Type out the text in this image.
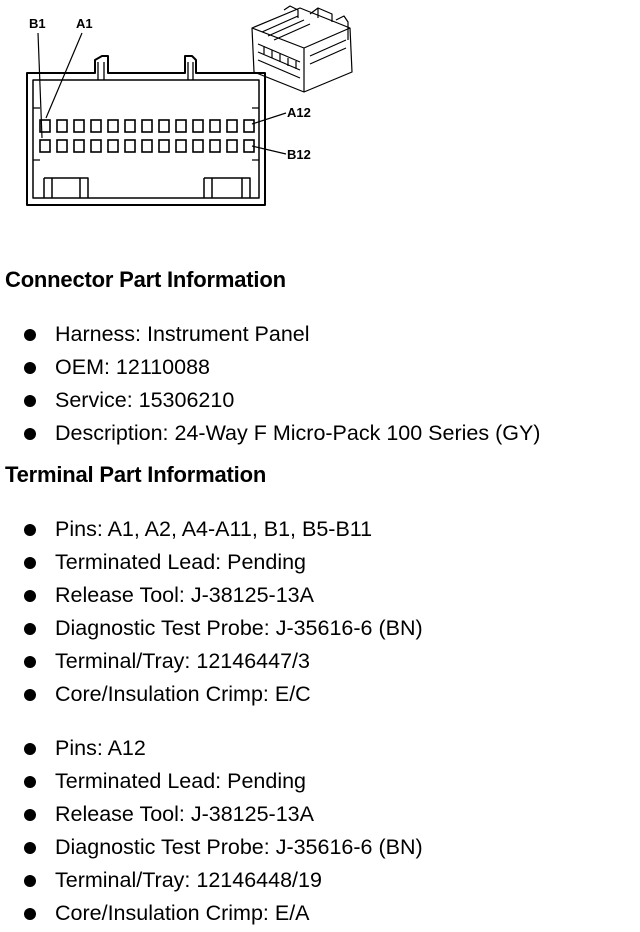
B1 A1
A12
B12
Connector Part Information
Harness: Instrument Panel
OEM: 12110088
Service: 15306210
Description: 24-Way F Micro-Pack 100 Series (GY)
Terminal Part Information
Pins: A1, A2, A4-A11, B1, B5-B11
Terminated Lead: Pending
Release Tool: J-38125-13A
Diagnostic Test Probe: J-35616-6 (BN)
Terminal/Tray: 12146447/3
Core/Insulation Crimp: E/C
Pins: A12
Terminated Lead: Pending
Release Tool: J-38125-13A
Diagnostic Test Probe: J-35616-6 (BN)
Terminal/Tray: 12146448/19
Core/Insulation Crimp: E/A
